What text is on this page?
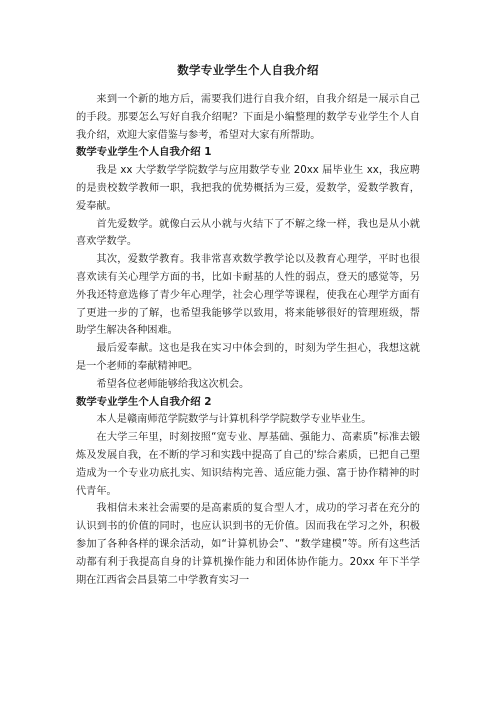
数学专业学生个人自我介绍

来到一个新的地方后，需要我们进行自我介绍，自我介绍是一展示自己的手段。那要怎么写好自我介绍呢？下面是小编整理的数学专业学生个人自我介绍，欢迎大家借鉴与参考，希望对大家有所帮助。

数学专业学生个人自我介绍 1

我是 xx 大学数学学院数学与应用数学专业 20xx 届毕业生 xx，我应聘的是贵校数学教师一职，我把我的优势概括为三爱，爱数学，爱数学教育，爱奉献。

首先爱数学。就像白云从小就与火结下了不解之缘一样，我也是从小就喜欢学数学。

其次，爱数学教育。我非常喜欢数学教学论以及教育心理学，平时也很喜欢读有关心理学方面的书，比如卡耐基的人性的弱点，登天的感觉等，另外我还特意选修了青少年心理学，社会心理学等课程，使我在心理学方面有了更进一步的了解，也希望我能够学以致用，将来能够很好的管理班级，帮助学生解决各种困难。

最后爱奉献。这也是我在实习中体会到的，时刻为学生担心，我想这就是一个老师的奉献精神吧。

希望各位老师能够给我这次机会。

数学专业学生个人自我介绍 2

本人是赣南师范学院数学与计算机科学学院数学专业毕业生。

在大学三年里，时刻按照“宽专业、厚基础、强能力、高素质”标准去锻炼及发展自我，在不断的学习和实践中提高了自己的'综合素质，已把自己塑造成为一个专业功底扎实、知识结构完善、适应能力强、富于协作精神的时代青年。

我相信未来社会需要的是高素质的复合型人才，成功的学习者在充分的认识到书的价值的同时，也应认识到书的无价值。因而我在学习之外，积极参加了各种各样的课余活动，如“计算机协会”、“数学建模”等。所有这些活动都有利于我提高自身的计算机操作能力和团体协作能力。20xx 年下半学期在江西省会昌县第二中学教育实习一
